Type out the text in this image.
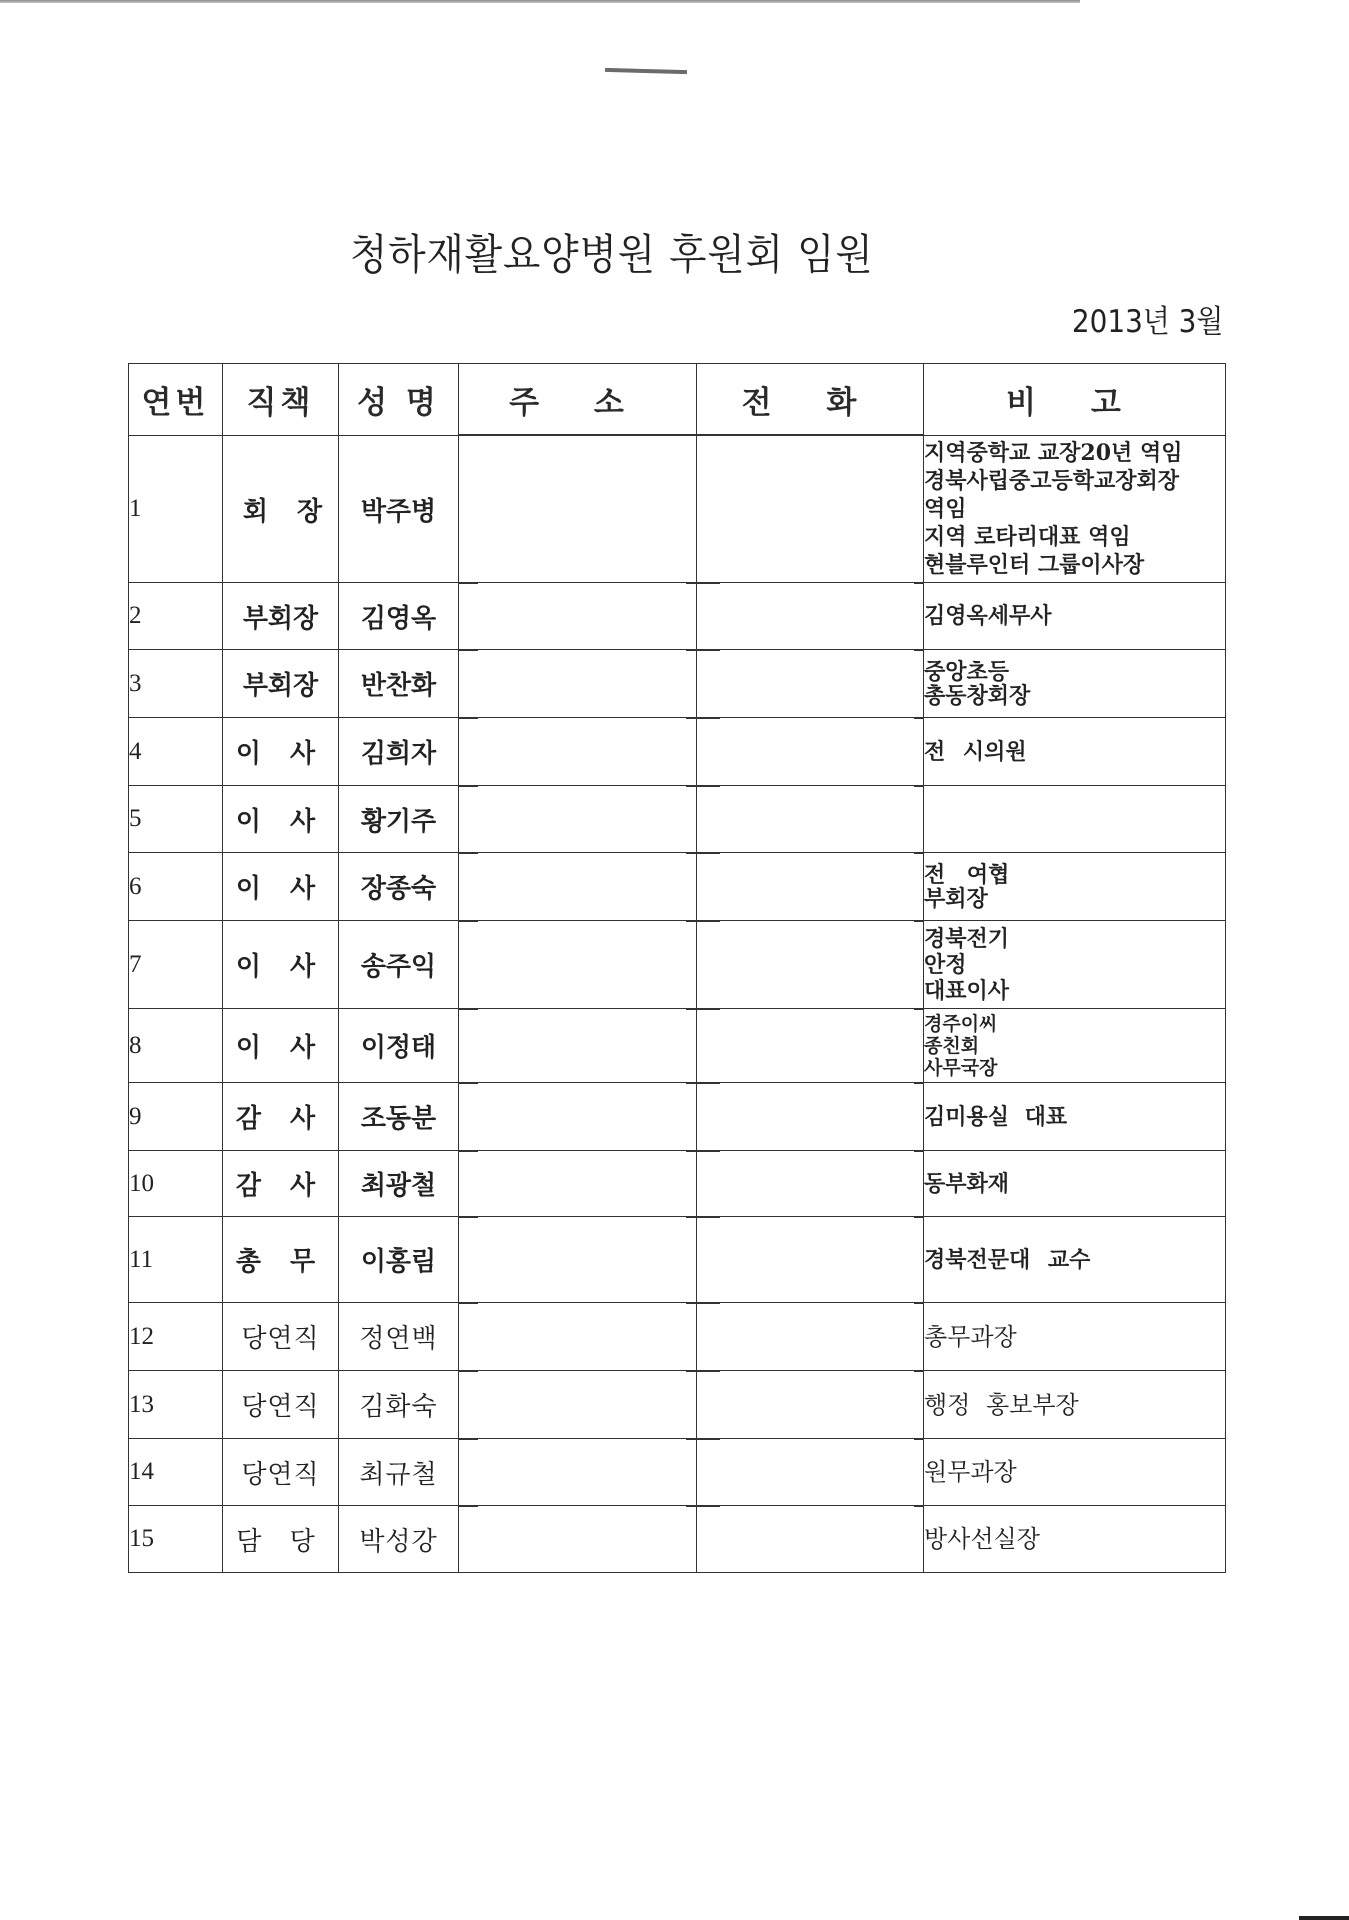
청하재활요양병원 후원회 임원
2013년 3월
연번	직책	성 명	주 소	전 화	비 고
1	회 장	박주병			지역중학교 교장20년 역임
경북사립중고등학교장회장
역임
지역 로타리대표 역임
현블루인터 그룹이사장

2	부회장	김영옥			김영옥세무사

3	부회장	반찬화			중앙초등
총동창회장

4	이 사	김희자			전 시의원

5	이 사	황기주			

6	이 사	장종숙			전 여협
부회장

7	이 사	송주익			경북전기
안정
대표이사

8	이 사	이정태			경주이씨
종친회
사무국장

9	감 사	조동분			김미용실 대표

10	감 사	최광철			동부화재

11	총 무	이홍림			경북전문대 교수

12	당연직	정연백			총무과장

13	당연직	김화숙			행정 홍보부장

14	당연직	최규철			원무과장

15	담 당	박성강			방사선실장
